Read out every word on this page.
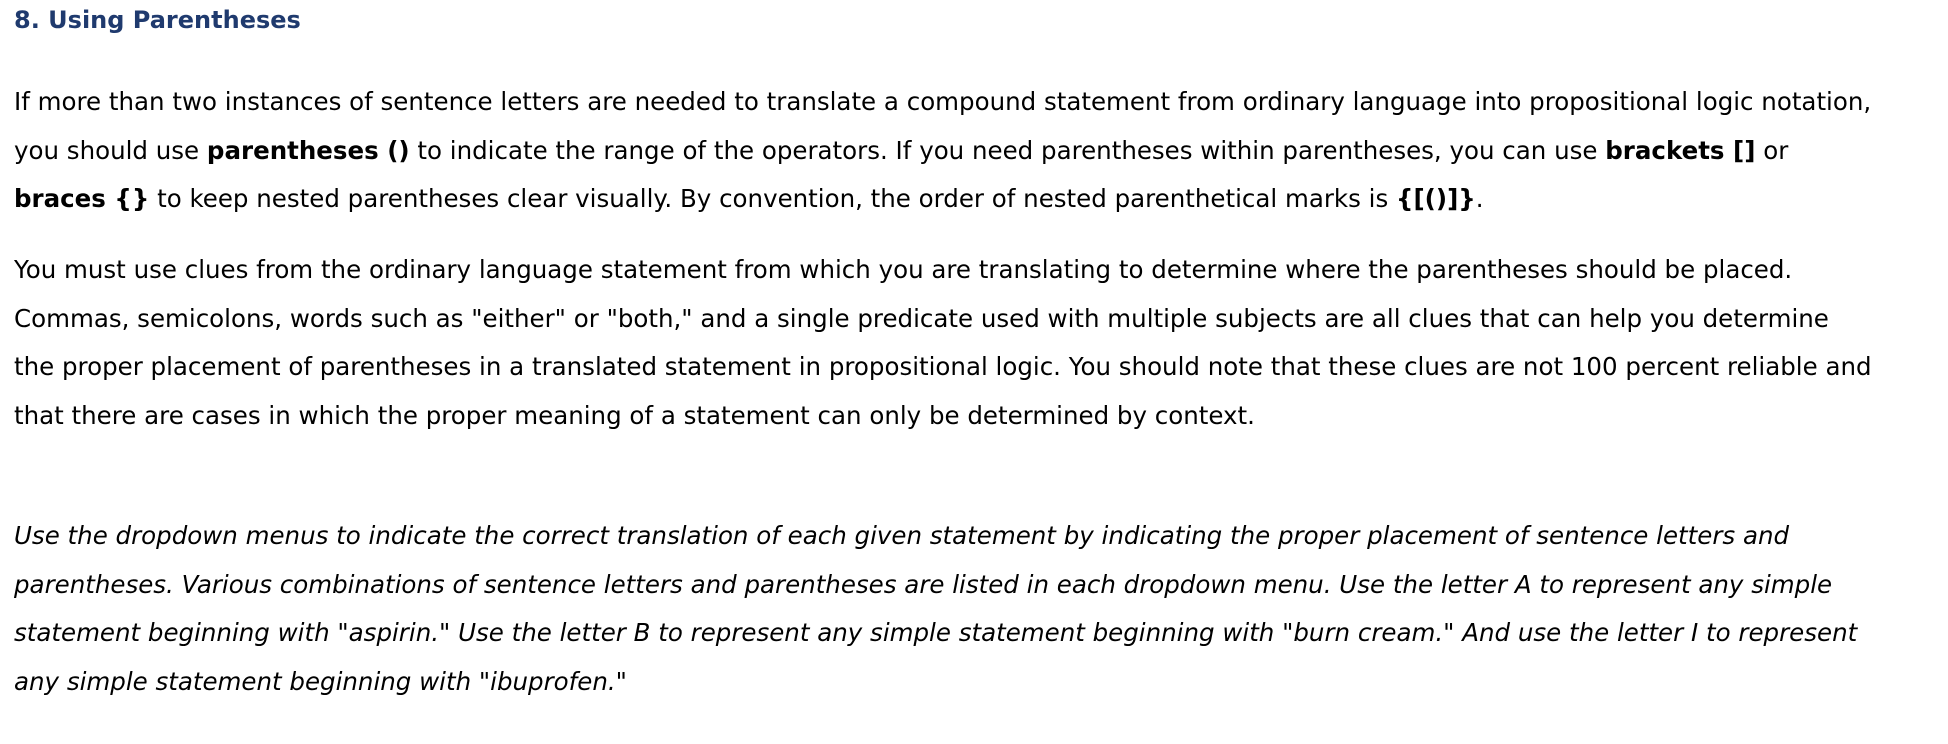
8. Using Parentheses

If more than two instances of sentence letters are needed to translate a compound statement from ordinary language into propositional logic notation,
you should use parentheses () to indicate the range of the operators. If you need parentheses within parentheses, you can use brackets [] or
braces {} to keep nested parentheses clear visually. By convention, the order of nested parenthetical marks is {[()]}.

You must use clues from the ordinary language statement from which you are translating to determine where the parentheses should be placed.
Commas, semicolons, words such as "either" or "both," and a single predicate used with multiple subjects are all clues that can help you determine
the proper placement of parentheses in a translated statement in propositional logic. You should note that these clues are not 100 percent reliable and
that there are cases in which the proper meaning of a statement can only be determined by context.

Use the dropdown menus to indicate the correct translation of each given statement by indicating the proper placement of sentence letters and
parentheses. Various combinations of sentence letters and parentheses are listed in each dropdown menu. Use the letter A to represent any simple
statement beginning with "aspirin." Use the letter B to represent any simple statement beginning with "burn cream." And use the letter I to represent
any simple statement beginning with "ibuprofen."
